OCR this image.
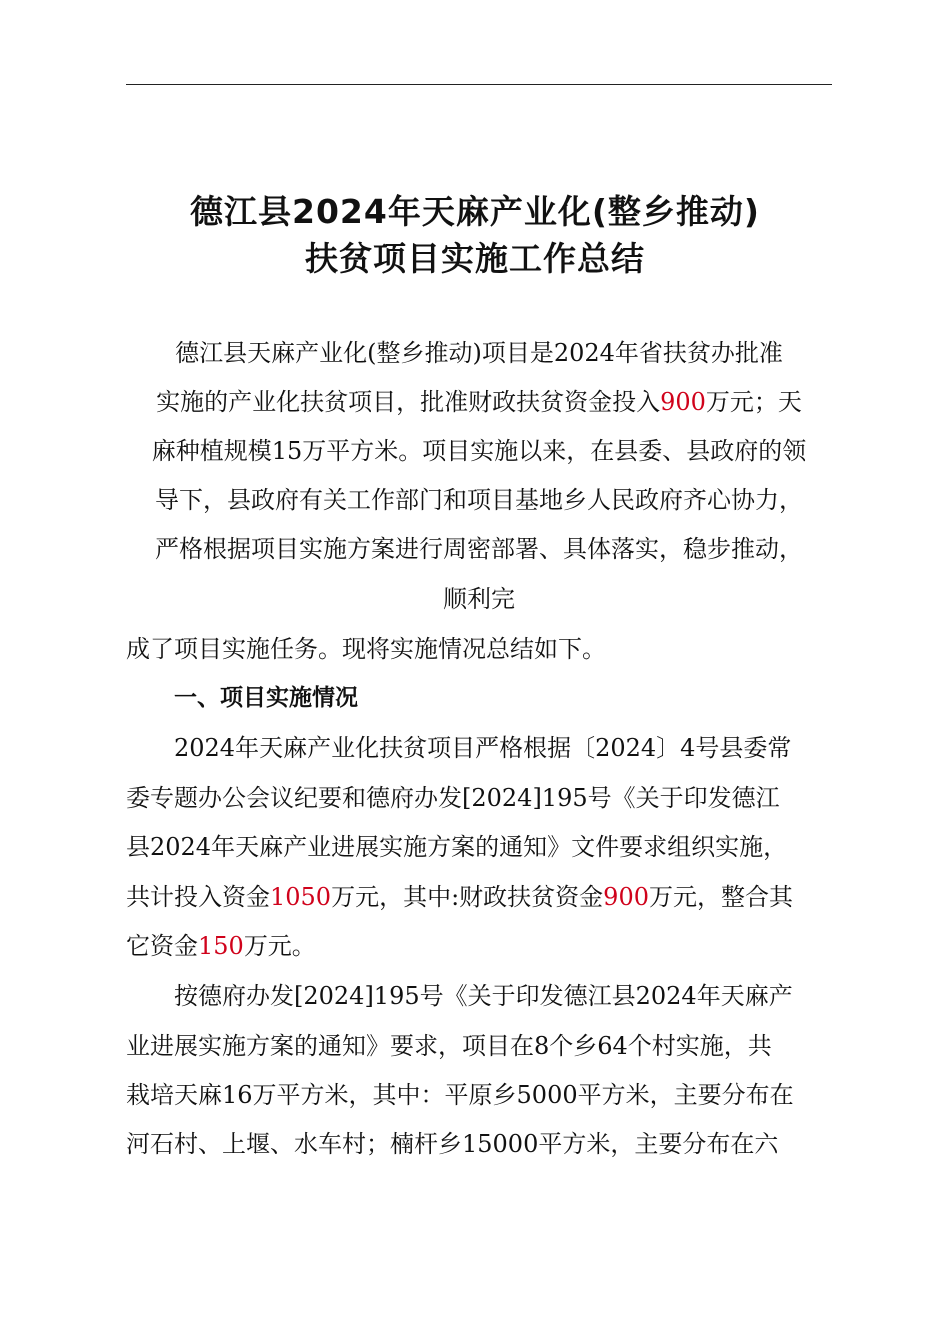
德江县2024年天麻产业化(整乡推动)
扶贫项目实施工作总结
德江县天麻产业化(整乡推动)项目是2024年省扶贫办批准
实施的产业化扶贫项目，批准财政扶贫资金投入900万元；天
麻种植规模15万平方米。项目实施以来，在县委、县政府的领
导下，县政府有关工作部门和项目基地乡人民政府齐心协力，
严格根据项目实施方案进行周密部署、具体落实，稳步推动，
顺利完
成了项目实施任务。现将实施情况总结如下。
一、项目实施情况
2024年天麻产业化扶贫项目严格根据〔2024〕4号县委常
委专题办公会议纪要和德府办发[2024]195号《关于印发德江
县2024年天麻产业进展实施方案的通知》文件要求组织实施，
共计投入资金1050万元，其中:财政扶贫资金900万元，整合其
它资金150万元。
按德府办发[2024]195号《关于印发德江县2024年天麻产
业进展实施方案的通知》要求，项目在8个乡64个村实施，共
栽培天麻16万平方米，其中：平原乡5000平方米，主要分布在
河石村、上堰、水车村；楠杆乡15000平方米，主要分布在六
